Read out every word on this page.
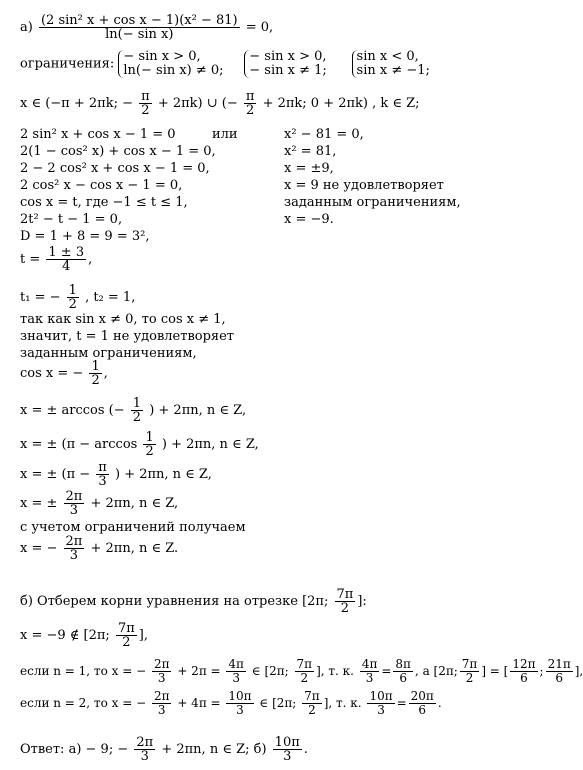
$а) \frac{\text{(2 sin² x + cos x − 1)(x² − 81)}}{\text{ln(− sin x)}} = 0$,
ограничения: − sin x > 0,
ln(− sin x) ≠ 0;

− sin x > 0,
− sin x ≠ 1;

sin x < 0,
sin x ≠ −1;
x ∈ (−π + 2πk; − $\frac{\pi}{2} + 2\pi k$) ∪ (− $\frac{\pi}{2} + 2\pi k$; 0 + 2πk) , k ∈ Z;
2 sin² x + cos x − 1 = 0
2(1 − cos² x) + cos x − 1 = 0,
2 − 2 cos² x + cos x − 1 = 0,
2 cos² x − cos x − 1 = 0,
cos x = t, где −1 ≤ t ≤ 1,
2t² − t − 1 = 0,
D = 1 + 8 = 9 = 3²,
$t = \frac{1 \pm 3}{4}$ ,
t₁ = − $\frac{1}{2}$ , t₂ = 1,
так как sin x ≠ 0, то cos x ≠ 1,
значит, t = 1 не удовлетворяет
заданным ограничениям,
cos x = − $\frac{1}{2}$ ,
x = ± arccos (− $\frac{1}{2}$ ) + 2πn, n ∈ Z,
x = ± ($\pi - \arccos \frac{1}{2}$ ) + 2πn, n ∈ Z,
x = ± ($\pi - \frac{\pi}{3}$ ) + 2πn, n ∈ Z,
x = ± $\frac{2\pi}{3} + 2\pi n$, n ∈ Z,
с учетом ограничений получаем
x = − $\frac{2\pi}{3} + 2\pi n$, n ∈ Z.
или	x² − 81 = 0,
x² = 81,
x = ±9,
x = 9 не удовлетворяет
заданным ограничениям,
x = −9.
б) Отберем корни уравнения на отрезке [2π; $\frac{7\pi}{2}$ ]:
x = −9 ∉ [2π; $\frac{7\pi}{2}$ ],
если n = 1, то x = − $\frac{2\pi}{3} + 2\pi = \frac{4\pi}{3}$ ∈ [2π; $\frac{7\pi}{2}$ ], т. к. $\frac{4\pi}{3} = \frac{8\pi}{6}$ , а [2π; $\frac{7\pi}{2}$ ] = [ $\frac{12\pi}{6}$ ; $\frac{21\pi}{6}$ ],
если n = 2, то x = − $\frac{2\pi}{3} + 4\pi = \frac{10\pi}{3}$ ∈ [2π; $\frac{7\pi}{2}$ ], т. к. $\frac{10\pi}{3} = \frac{20\pi}{6}$ .
Ответ: а) − 9; − $\frac{2\pi}{3} + 2\pi n$, n ∈ Z; $б) \frac{10\pi}{3}$ .
